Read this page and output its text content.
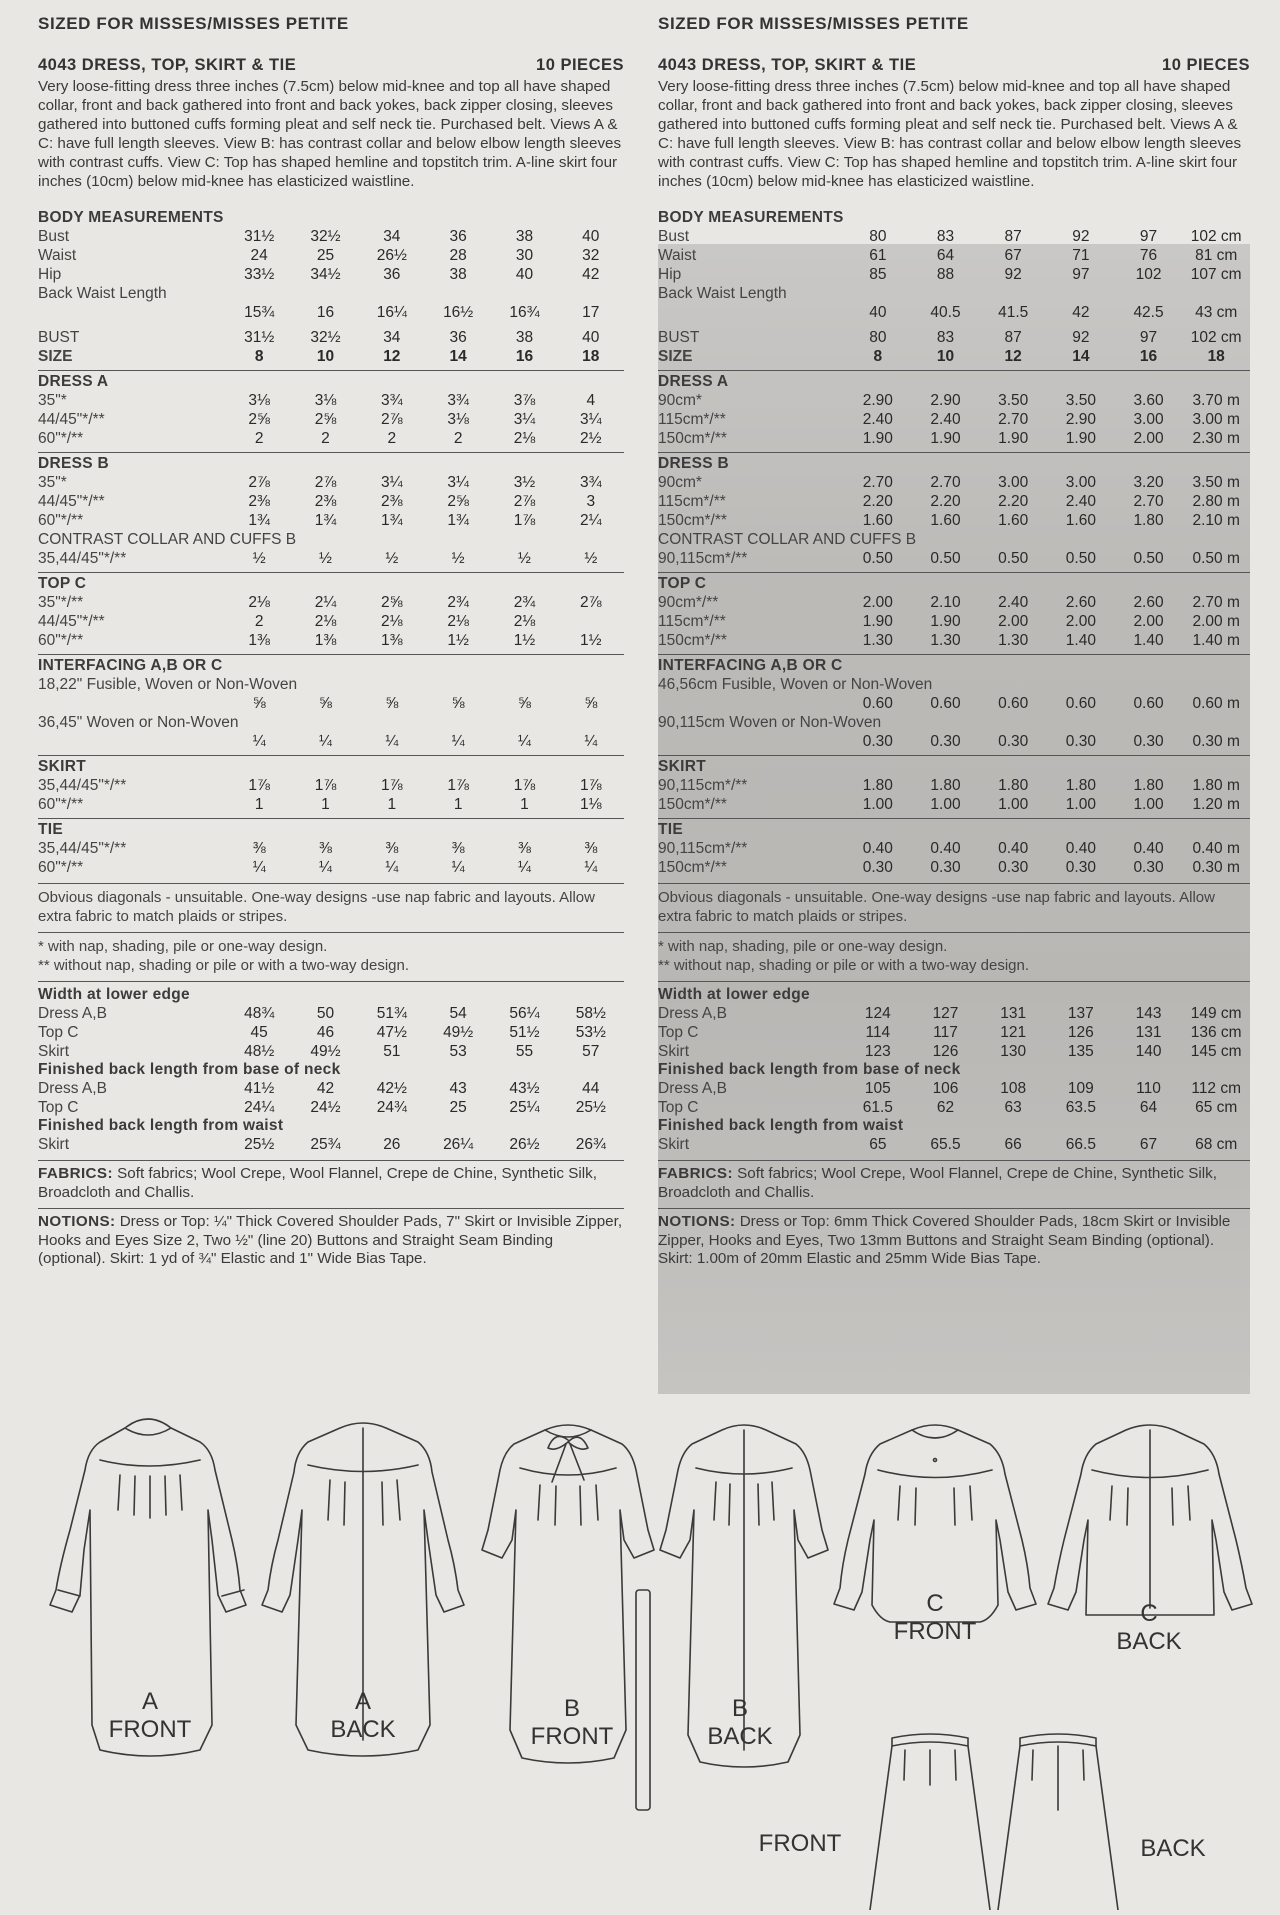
SIZED FOR MISSES/MISSES PETITE
4043 DRESS, TOP, SKIRT & TIE	10 PIECES
Very loose-fitting dress three inches (7.5cm) below mid-knee and top all have shaped collar, front and back gathered into front and back yokes, back zipper closing, sleeves gathered into buttoned cuffs forming pleat and self neck tie. Purchased belt. Views A & C: have full length sleeves. View B: has contrast collar and below elbow length sleeves with contrast cuffs. View C: Top has shaped hemline and topstitch trim. A-line skirt four inches (10cm) below mid-knee has elasticized waistline.
BODY MEASUREMENTS
Bust	31½	32½	34	36	38	40
Waist	24	25	26½	28	30	32
Hip	33½	34½	36	38	40	42
Back Waist Length
15¾	16	16¼	16½	16¾	17
BUST	31½	32½	34	36	38	40
SIZE	8	10	12	14	16	18
DRESS A
35"*	3⅛	3⅛	3¾	3¾	3⅞	4
44/45"*/**	2⅝	2⅝	2⅞	3⅛	3¼	3¼
60"*/**	2	2	2	2	2⅛	2½
DRESS B
35"*	2⅞	2⅞	3¼	3¼	3½	3¾
44/45"*/**	2⅜	2⅜	2⅜	2⅝	2⅞	3
60"*/**	1¾	1¾	1¾	1¾	1⅞	2¼
CONTRAST COLLAR AND CUFFS B
35,44/45"*/**	½	½	½	½	½	½
TOP C
35"*/**	2⅛	2¼	2⅝	2¾	2¾	2⅞
44/45"*/**	2	2⅛	2⅛	2⅛	2⅛
60"*/**	1⅜	1⅜	1⅜	1½	1½	1½
INTERFACING A,B OR C
18,22" Fusible, Woven or Non-Woven
⅝	⅝	⅝	⅝	⅝	⅝
36,45" Woven or Non-Woven
¼	¼	¼	¼	¼	¼
SKIRT
35,44/45"*/**	1⅞	1⅞	1⅞	1⅞	1⅞	1⅞
60"*/**	1	1	1	1	1	1⅛
TIE
35,44/45"*/**	⅜	⅜	⅜	⅜	⅜	⅜
60"*/**	¼	¼	¼	¼	¼	¼
Obvious diagonals - unsuitable. One-way designs -use nap fabric and layouts. Allow extra fabric to match plaids or stripes.
* with nap, shading, pile or one-way design.
** without nap, shading or pile or with a two-way design.
Width at lower edge
Dress A,B	48¾	50	51¾	54	56¼	58½
Top C	45	46	47½	49½	51½	53½
Skirt	48½	49½	51	53	55	57
Finished back length from base of neck
Dress A,B	41½	42	42½	43	43½	44
Top C	24¼	24½	24¾	25	25¼	25½
Finished back length from waist
Skirt	25½	25¾	26	26¼	26½	26¾
FABRICS: Soft fabrics; Wool Crepe, Wool Flannel, Crepe de Chine, Synthetic Silk, Broadcloth and Challis.
NOTIONS: Dress or Top: ¼" Thick Covered Shoulder Pads, 7" Skirt or Invisible Zipper, Hooks and Eyes Size 2, Two ½" (line 20) Buttons and Straight Seam Binding (optional). Skirt: 1 yd of ¾" Elastic and 1" Wide Bias Tape.
SIZED FOR MISSES/MISSES PETITE
4043 DRESS, TOP, SKIRT & TIE	10 PIECES
Very loose-fitting dress three inches (7.5cm) below mid-knee and top all have shaped collar, front and back gathered into front and back yokes, back zipper closing, sleeves gathered into buttoned cuffs forming pleat and self neck tie. Purchased belt. Views A & C: have full length sleeves. View B: has contrast collar and below elbow length sleeves with contrast cuffs. View C: Top has shaped hemline and topstitch trim. A-line skirt four inches (10cm) below mid-knee has elasticized waistline.
BODY MEASUREMENTS
Bust	80	83	87	92	97	102 cm
Waist	61	64	67	71	76	81 cm
Hip	85	88	92	97	102	107 cm
Back Waist Length
40	40.5	41.5	42	42.5	43 cm
BUST	80	83	87	92	97	102 cm
SIZE	8	10	12	14	16	18
DRESS A
90cm*	2.90	2.90	3.50	3.50	3.60	3.70 m
115cm*/**	2.40	2.40	2.70	2.90	3.00	3.00 m
150cm*/**	1.90	1.90	1.90	1.90	2.00	2.30 m
DRESS B
90cm*	2.70	2.70	3.00	3.00	3.20	3.50 m
115cm*/**	2.20	2.20	2.20	2.40	2.70	2.80 m
150cm*/**	1.60	1.60	1.60	1.60	1.80	2.10 m
CONTRAST COLLAR AND CUFFS B
90,115cm*/**	0.50	0.50	0.50	0.50	0.50	0.50 m
TOP C
90cm*/**	2.00	2.10	2.40	2.60	2.60	2.70 m
115cm*/**	1.90	1.90	2.00	2.00	2.00	2.00 m
150cm*/**	1.30	1.30	1.30	1.40	1.40	1.40 m
INTERFACING A,B OR C
46,56cm Fusible, Woven or Non-Woven
0.60	0.60	0.60	0.60	0.60	0.60 m
90,115cm Woven or Non-Woven
0.30	0.30	0.30	0.30	0.30	0.30 m
SKIRT
90,115cm*/**	1.80	1.80	1.80	1.80	1.80	1.80 m
150cm*/**	1.00	1.00	1.00	1.00	1.00	1.20 m
TIE
90,115cm*/**	0.40	0.40	0.40	0.40	0.40	0.40 m
150cm*/**	0.30	0.30	0.30	0.30	0.30	0.30 m
Obvious diagonals - unsuitable. One-way designs -use nap fabric and layouts. Allow extra fabric to match plaids or stripes.
* with nap, shading, pile or one-way design.
** without nap, shading or pile or with a two-way design.
Width at lower edge
Dress A,B	124	127	131	137	143	149 cm
Top C	114	117	121	126	131	136 cm
Skirt	123	126	130	135	140	145 cm
Finished back length from base of neck
Dress A,B	105	106	108	109	110	112 cm
Top C	61.5	62	63	63.5	64	65 cm
Finished back length from waist
Skirt	65	65.5	66	66.5	67	68 cm
FABRICS: Soft fabrics; Wool Crepe, Wool Flannel, Crepe de Chine, Synthetic Silk, Broadcloth and Challis.
NOTIONS: Dress or Top: 6mm Thick Covered Shoulder Pads, 18cm Skirt or Invisible Zipper, Hooks and Eyes, Two 13mm Buttons and Straight Seam Binding (optional). Skirt: 1.00m of 20mm Elastic and 25mm Wide Bias Tape.
A
FRONT
A
BACK
B
FRONT
B
BACK
C
FRONT
C
BACK
FRONT	BACK
